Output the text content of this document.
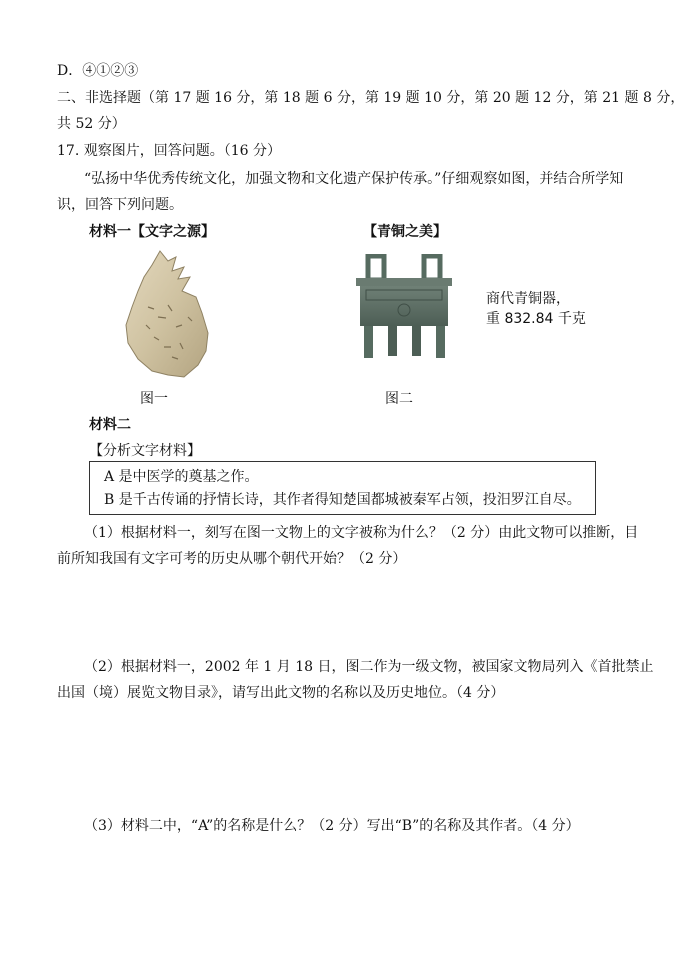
D．④①②③
二、非选择题（第 17 题 16 分，第 18 题 6 分，第 19 题 10 分，第 20 题 12 分，第 21 题 8 分，
共 52 分）
17. 观察图片，回答问题。（16 分）
“弘扬中华优秀传统文化，加强文物和文化遗产保护传承。”仔细观察如图，并结合所学知
识，回答下列问题。
材料一【文字之源】	【青铜之美】
商代青铜器，
重 832.84 千克
图一	图二
材料二
【分析文字材料】
A 是中医学的奠基之作。
B 是千古传诵的抒情长诗，其作者得知楚国都城被秦军占领，投汨罗江自尽。
（1）根据材料一，刻写在图一文物上的文字被称为什么？（2 分）由此文物可以推断，目
前所知我国有文字可考的历史从哪个朝代开始？（2 分）
（2）根据材料一，2002 年 1 月 18 日，图二作为一级文物，被国家文物局列入《首批禁止
出国（境）展览文物目录》，请写出此文物的名称以及历史地位。（4 分）
（3）材料二中，“A”的名称是什么？（2 分）写出“B”的名称及其作者。（4 分）
